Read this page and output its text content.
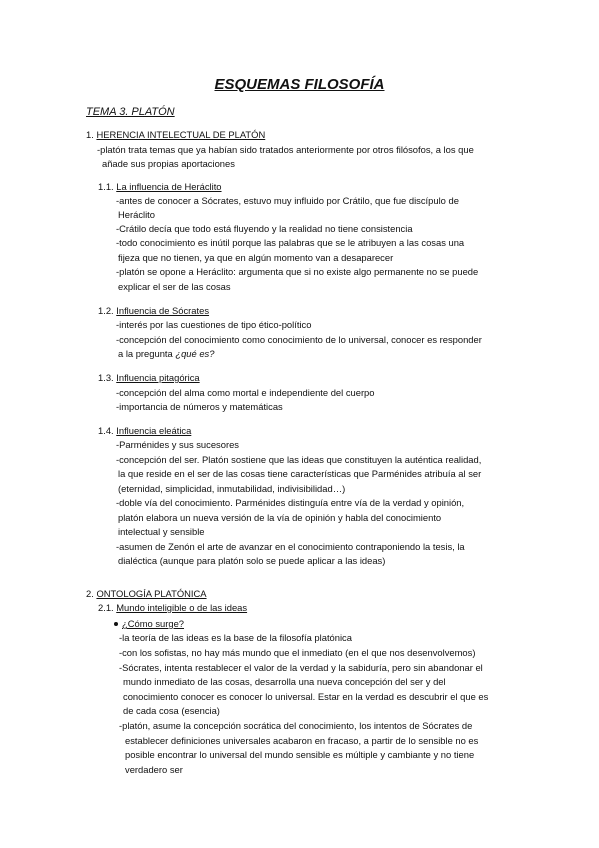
ESQUEMAS FILOSOFÍA
TEMA 3. PLATÓN
1. HERENCIA INTELECTUAL DE PLATÓN
-platón trata temas que ya habían sido tratados anteriormente por otros filósofos, a los que
añade sus propias aportaciones
1.1. La influencia de Heráclito
-antes de conocer a Sócrates, estuvo muy influido por Crátilo, que fue discípulo de
Heráclito
-Crátilo decía que todo está fluyendo y la realidad no tiene consistencia
-todo conocimiento es inútil porque las palabras que se le atribuyen a las cosas una
fijeza que no tienen, ya que en algún momento van a desaparecer
-platón se opone a Heráclito: argumenta que si no existe algo permanente no se puede
explicar el ser de las cosas
1.2. Influencia de Sócrates
-interés por las cuestiones de tipo ético-político
-concepción del conocimiento como conocimiento de lo universal, conocer es responder
a la pregunta ¿qué es?
1.3. Influencia pitagórica
-concepción del alma como mortal e independiente del cuerpo
-importancia de números y matemáticas
1.4. Influencia eleática
-Parménides y sus sucesores
-concepción del ser. Platón sostiene que las ideas que constituyen la auténtica realidad,
la que reside en el ser de las cosas tiene características que Parménides atribuía al ser
(eternidad, simplicidad, inmutabilidad, indivisibilidad…)
-doble vía del conocimiento. Parménides distinguía entre vía de la verdad y opinión,
platón elabora un nueva versión de la vía de opinión y habla del conocimiento
intelectual y sensible
-asumen de Zenón el arte de avanzar en el conocimiento contraponiendo la tesis, la
dialéctica (aunque para platón solo se puede aplicar a las ideas)
2. ONTOLOGÍA PLATÓNICA
2.1. Mundo inteligible o de las ideas
¿Cómo surge?
-la teoría de las ideas es la base de la filosofía platónica
-con los sofistas, no hay más mundo que el inmediato (en el que nos desenvolvemos)
-Sócrates, intenta restablecer el valor de la verdad y la sabiduría, pero sin abandonar el
mundo inmediato de las cosas, desarrolla una nueva concepción del ser y del
conocimiento conocer es conocer lo universal. Estar en la verdad es descubrir el que es
de cada cosa (esencia)
-platón, asume la concepción socrática del conocimiento, los intentos de Sócrates de
establecer definiciones universales acabaron en fracaso, a partir de lo sensible no es
posible encontrar lo universal del mundo sensible es múltiple y cambiante y no tiene
verdadero ser
